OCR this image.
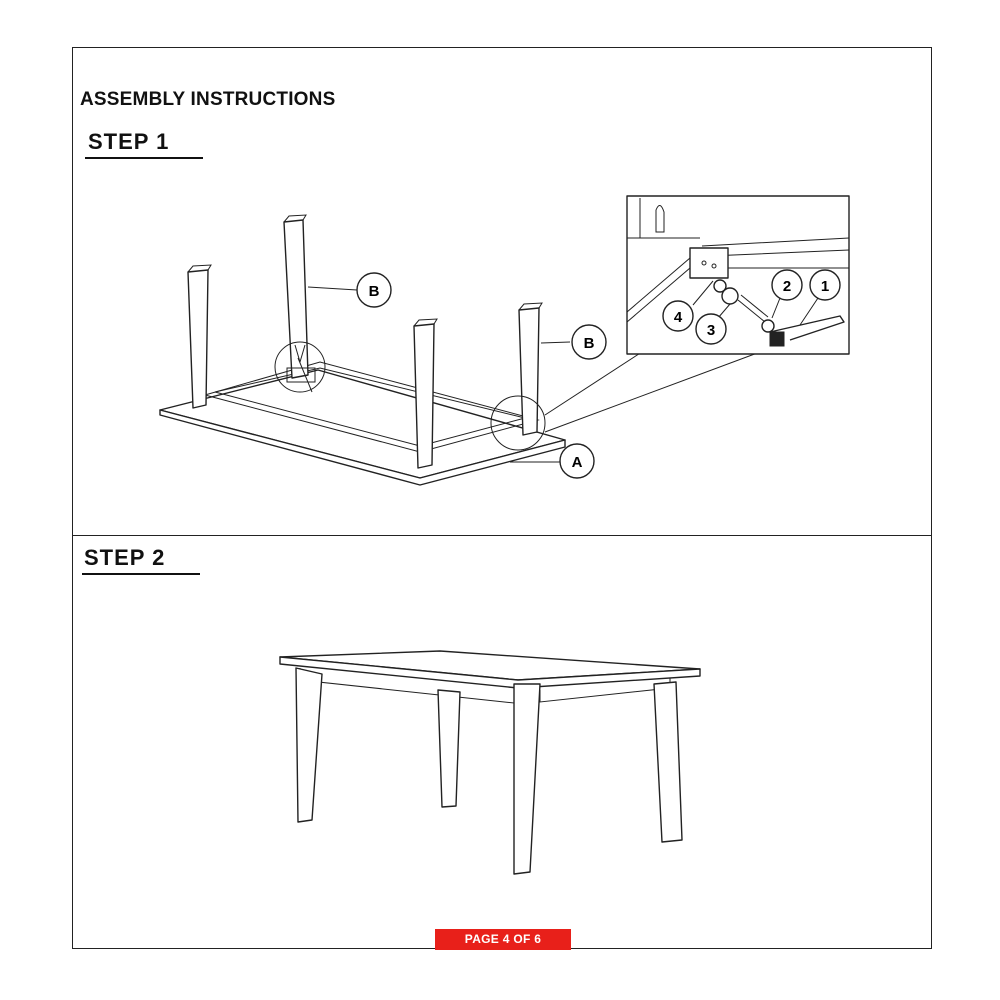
ASSEMBLY INSTRUCTIONS
STEP 1
STEP 2
B
B
A
4
3
2 1
PAGE 4 OF 6
